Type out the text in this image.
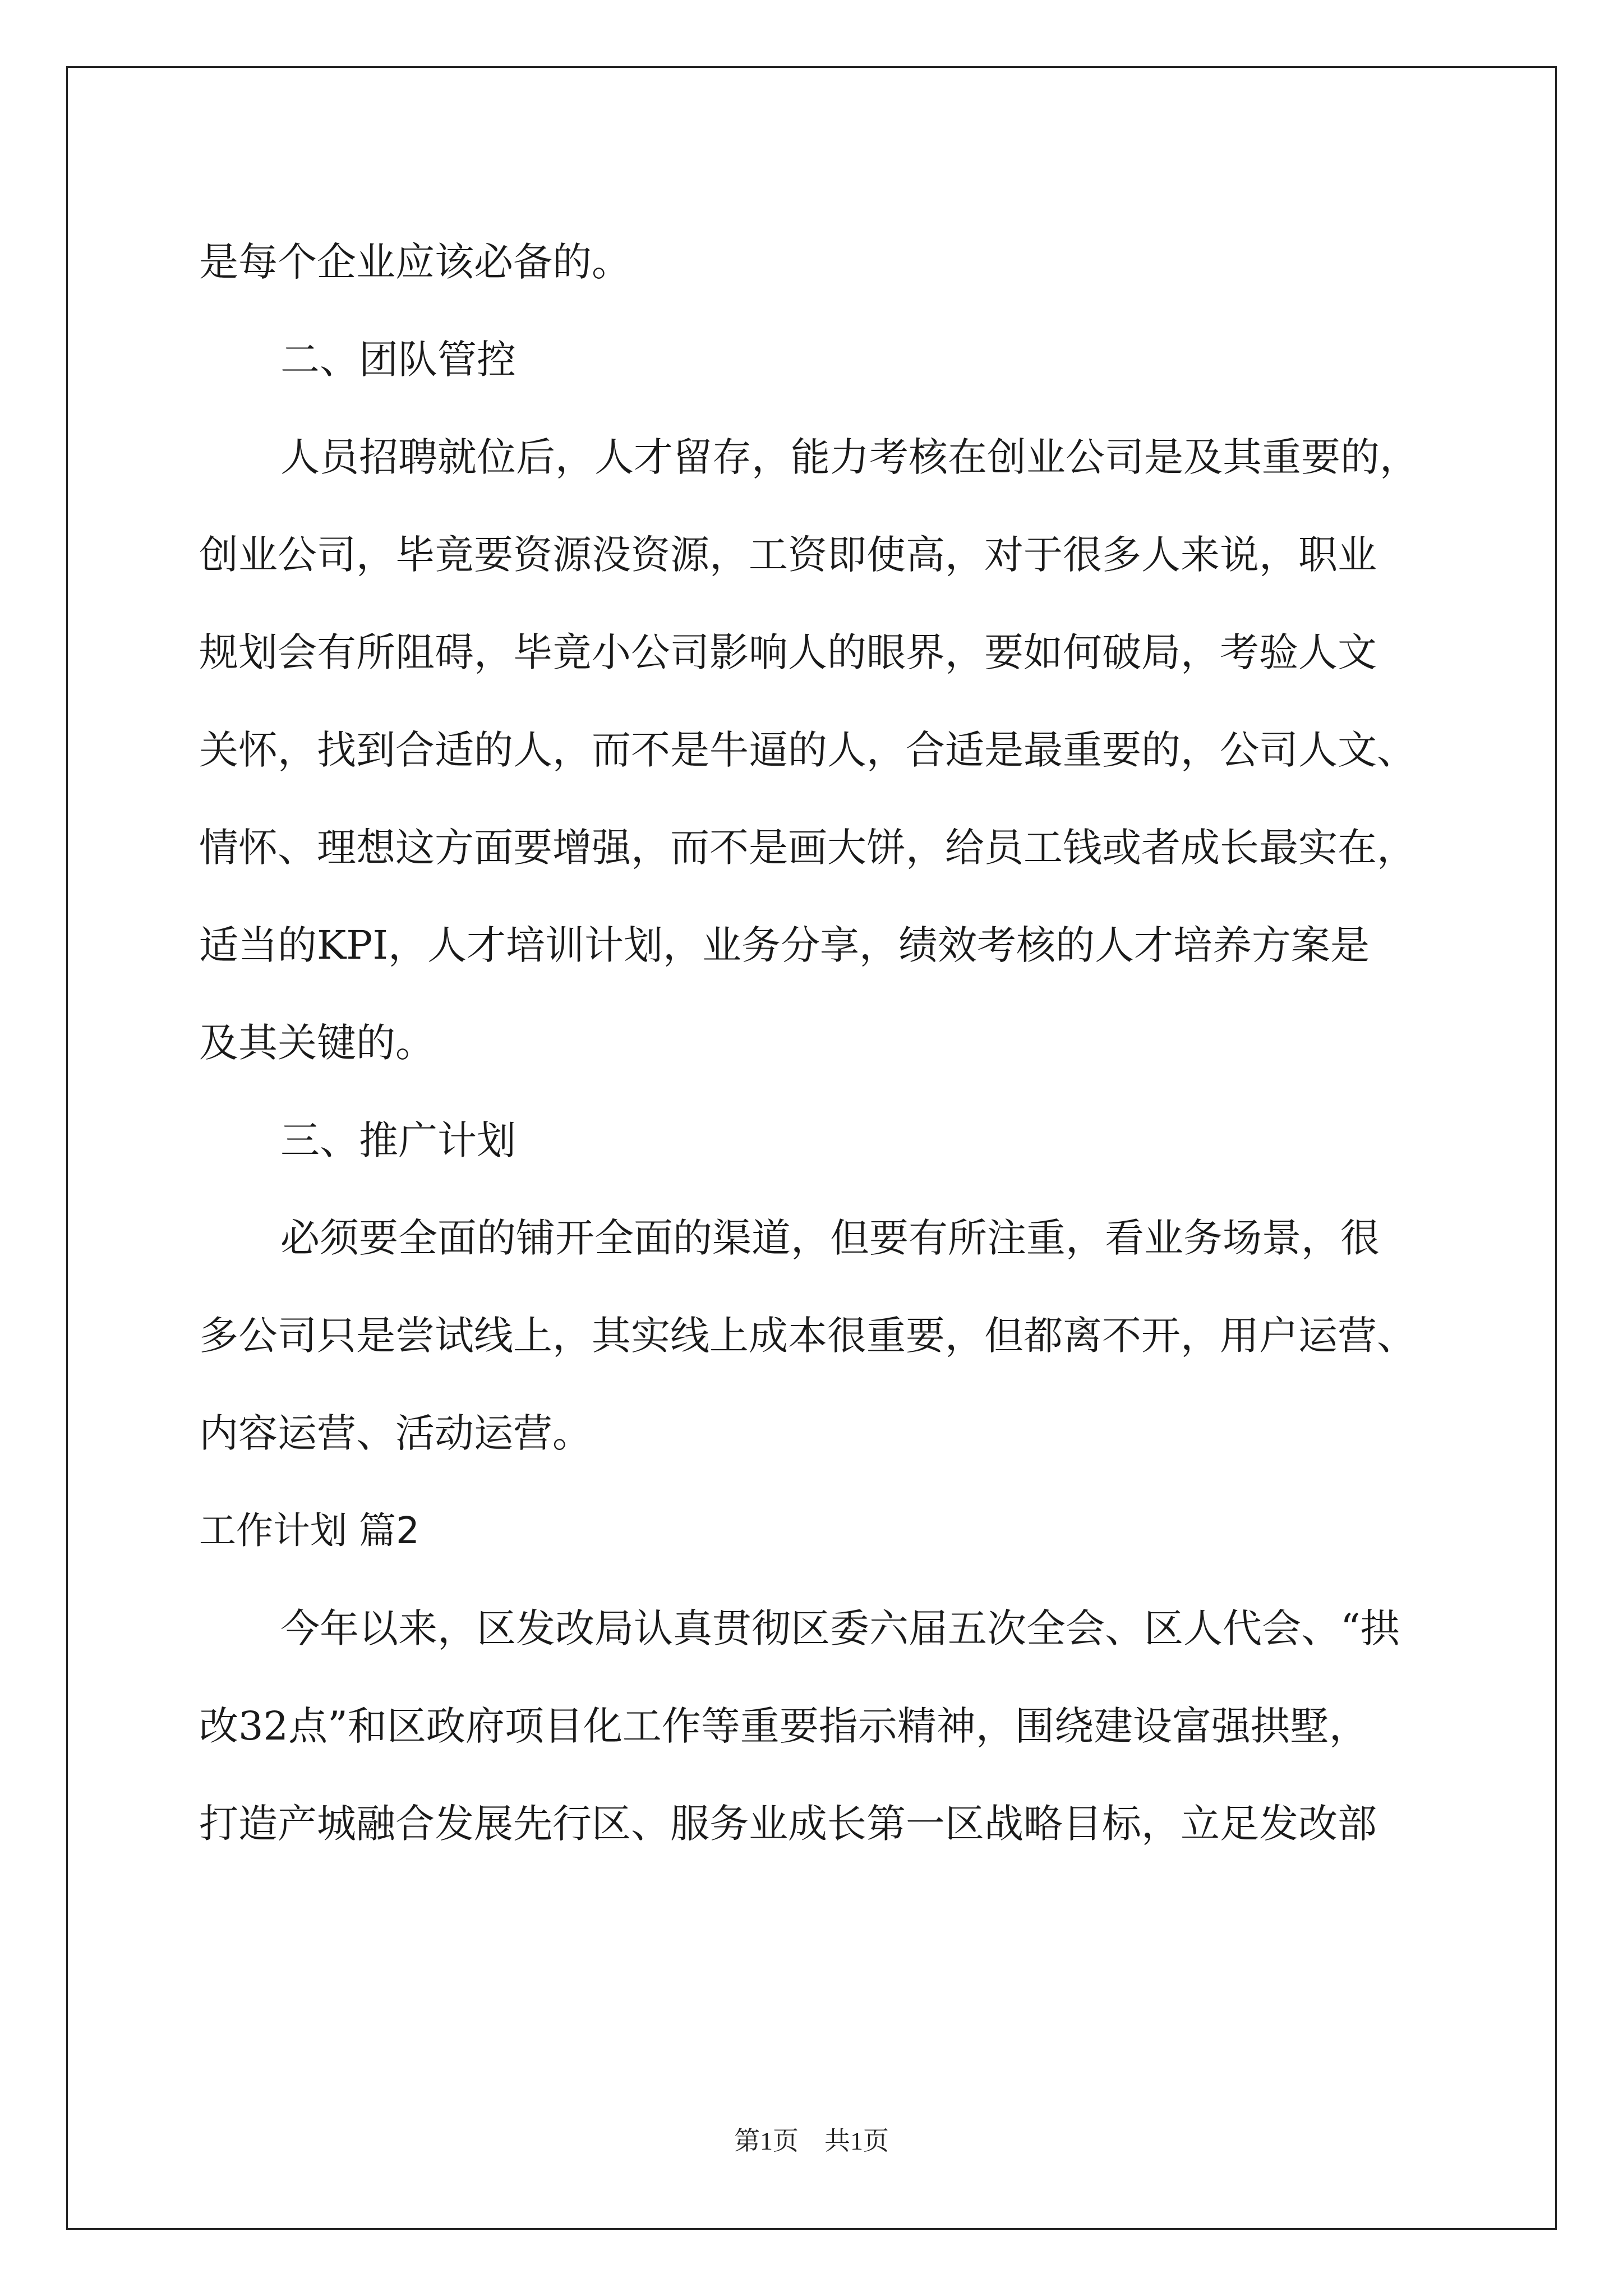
是每个企业应该必备的。
二、团队管控
人员招聘就位后，人才留存，能力考核在创业公司是及其重要的，
创业公司，毕竟要资源没资源，工资即使高，对于很多人来说，职业
规划会有所阻碍，毕竟小公司影响人的眼界，要如何破局，考验人文
关怀，找到合适的人，而不是牛逼的人，合适是最重要的，公司人文、
情怀、理想这方面要增强，而不是画大饼，给员工钱或者成长最实在，
适当的KPI，人才培训计划，业务分享，绩效考核的人才培养方案是
及其关键的。
三、推广计划
必须要全面的铺开全面的渠道，但要有所注重，看业务场景，很
多公司只是尝试线上，其实线上成本很重要，但都离不开，用户运营、
内容运营、活动运营。
工作计划 篇2
今年以来，区发改局认真贯彻区委六届五次全会、区人代会、“拱
改32点”和区政府项目化工作等重要指示精神，围绕建设富强拱墅，
打造产城融合发展先行区、服务业成长第一区战略目标，立足发改部
第1页　共1页
